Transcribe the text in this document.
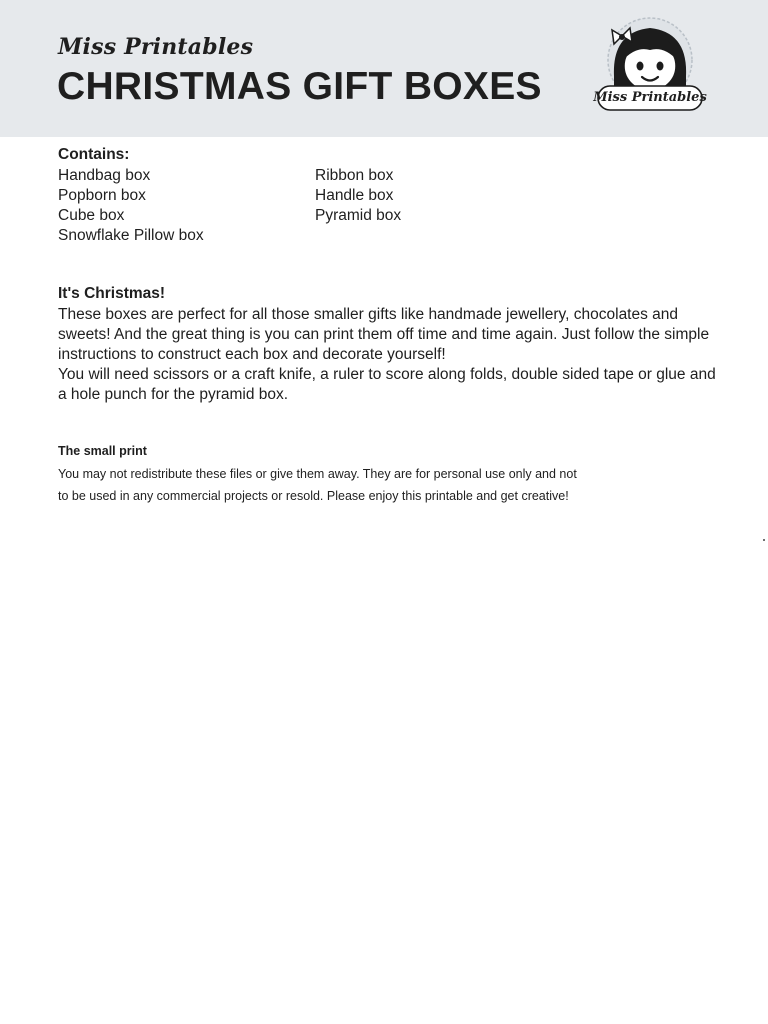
Miss Printables
CHRISTMAS GIFT BOXES	Miss Printables
Contains:
Handbag box
Popborn box
Cube box
Snowflake Pillow box
Ribbon box
Handle box
Pyramid box
It's Christmas!

These boxes are perfect for all those smaller gifts like handmade jewellery, chocolates and sweets! And the great thing is you can print them off time and time again. Just follow the simple instructions to construct each box and decorate yourself!

You will need scissors or a craft knife, a ruler to score along folds, double sided tape or glue and a hole punch for the pyramid box.

The small print
You may not redistribute these files or give them away. They are for personal use only and not
to be used in any commercial projects or resold. Please enjoy this printable and get creative!
